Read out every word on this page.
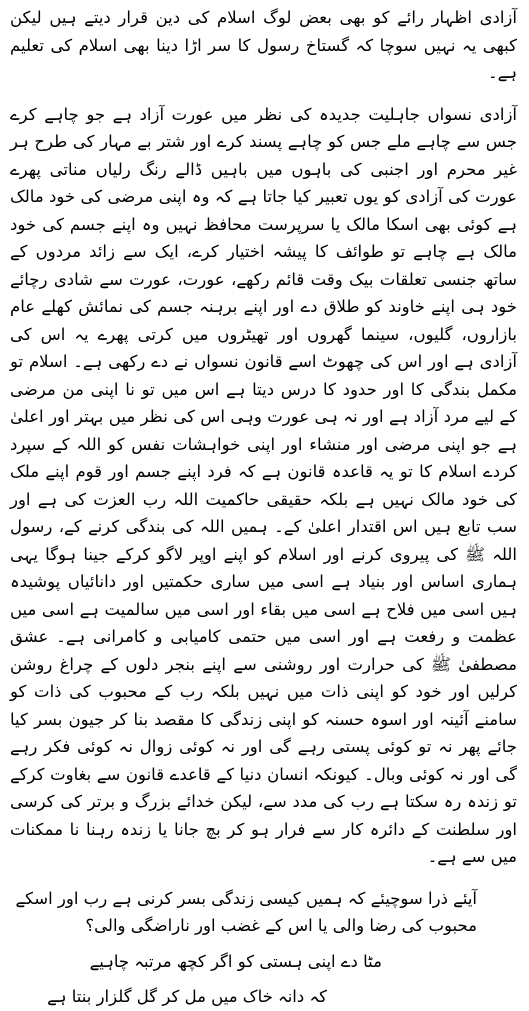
آزادی اظہار رائے کو بھی بعض لوگ اسلام کی دین قرار دیتے ہیں لیکن کبھی یہ نہیں سوچا کہ گستاخ رسول کا سر اڑا دینا بھی اسلام کی تعلیم ہے۔

آزادی نسواں جاہلیت جدیدہ کی نظر میں عورت آزاد ہے جو چاہے کرے جس سے چاہے ملے جس کو چاہے پسند کرے اور شتر بے مہار کی طرح ہر غیر محرم اور اجنبی کی باہوں میں باہیں ڈالے رنگ رلیاں مناتی پھرے عورت کی آزادی کو یوں تعبیر کیا جاتا ہے کہ وہ اپنی مرضی کی خود مالک ہے کوئی بھی اسکا مالک یا سرپرست محافظ نہیں وہ اپنے جسم کی خود مالک ہے چاہے تو طوائف کا پیشہ اختیار کرے، ایک سے زائد مردوں کے ساتھ جنسی تعلقات بیک وقت قائم رکھے، عورت، عورت سے شادی رچائے خود ہی اپنے خاوند کو طلاق دے اور اپنے برہنہ جسم کی نمائش کھلے عام بازاروں، گلیوں، سینما گھروں اور تھیٹروں میں کرتی پھرے یہ اس کی آزادی ہے اور اس کی چھوٹ اسے قانون نسواں نے دے رکھی ہے۔ اسلام تو مکمل بندگی کا اور حدود کا درس دیتا ہے اس میں تو نا اپنی من مرضی کے لیے مرد آزاد ہے اور نہ ہی عورت وہی اس کی نظر میں بہتر اور اعلیٰ ہے جو اپنی مرضی اور منشاء اور اپنی خواہشات نفس کو اللہ کے سپرد کردے اسلام کا تو یہ قاعدہ قانون ہے کہ فرد اپنے جسم اور قوم اپنے ملک کی خود مالک نہیں ہے بلکہ حقیقی حاکمیت اللہ رب العزت کی ہے اور سب تابع ہیں اس اقتدار اعلیٰ کے۔ ہمیں اللہ کی بندگی کرنے کے، رسول اللہ ﷺ کی پیروی کرنے اور اسلام کو اپنے اوپر لاگو کرکے جینا ہوگا یہی ہماری اساس اور بنیاد ہے اسی میں ساری حکمتیں اور دانائیاں پوشیدہ ہیں اسی میں فلاح ہے اسی میں بقاء اور اسی میں سالمیت ہے اسی میں عظمت و رفعت ہے اور اسی میں حتمی کامیابی و کامرانی ہے۔ عشق مصطفیٰ ﷺ کی حرارت اور روشنی سے اپنے بنجر دلوں کے چراغ روشن کرلیں اور خود کو اپنی ذات میں نہیں بلکہ رب کے محبوب کی ذات کو سامنے آئینہ اور اسوہ حسنہ کو اپنی زندگی کا مقصد بنا کر جیون بسر کیا جائے پھر نہ تو کوئی پستی رہے گی اور نہ کوئی زوال نہ کوئی فکر رہے گی اور نہ کوئی وبال۔ کیونکہ انسان دنیا کے قاعدے قانون سے بغاوت کرکے تو زندہ رہ سکتا ہے رب کی مدد سے، لیکن خدائے بزرگ و برتر کی کرسی اور سلطنت کے دائرہ کار سے فرار ہو کر بچ جانا یا زندہ رہنا نا ممکنات میں سے ہے۔

آیئے ذرا سوچیئے کہ ہمیں کیسی زندگی بسر کرنی ہے رب اور اسکے محبوب کی رضا والی یا اس کے غضب اور ناراضگی والی؟

مٹا دے اپنی ہستی کو اگر کچھ مرتبہ چاہیے

کہ دانہ خاک میں مل کر گل گلزار بنتا ہے
